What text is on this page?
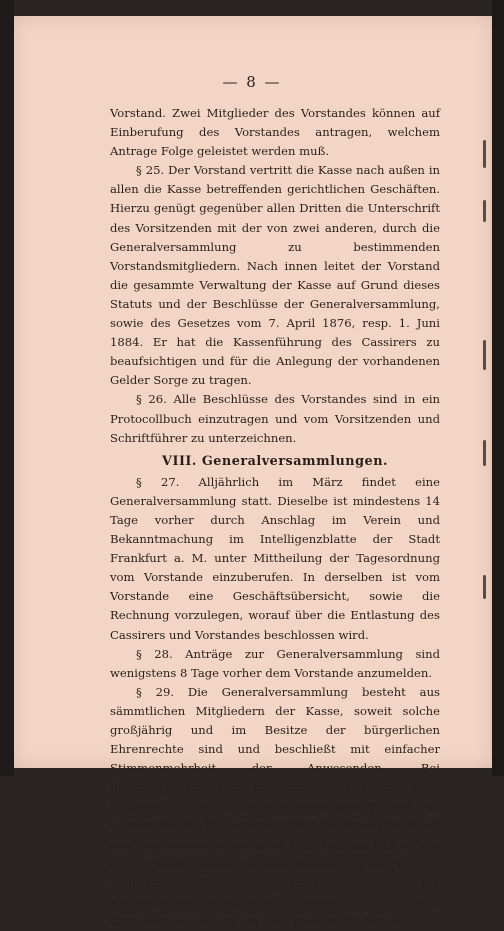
— 8 —

Vorstand. Zwei Mitglieder des Vorstandes können auf Einberufung des Vorstandes antragen, welchem Antrage Folge geleistet werden muß.

§ 25. Der Vorstand vertritt die Kasse nach außen in allen die Kasse betreffenden gerichtlichen Geschäften. Hierzu genügt gegenüber allen Dritten die Unterschrift des Vorsitzenden mit der von zwei anderen, durch die Generalversammlung zu bestimmenden Vorstandsmitgliedern. Nach innen leitet der Vorstand die gesammte Verwaltung der Kasse auf Grund dieses Statuts und der Beschlüsse der Generalversammlung, sowie des Gesetzes vom 7. April 1876, resp. 1. Juni 1884. Er hat die Kassenführung des Cassirers zu beaufsichtigen und für die Anlegung der vorhandenen Gelder Sorge zu tragen.

§ 26. Alle Beschlüsse des Vorstandes sind in ein Protocollbuch einzutragen und vom Vorsitzenden und Schriftführer zu unterzeichnen.

VIII. Generalversammlungen.

§ 27. Alljährlich im März findet eine Generalversammlung statt. Dieselbe ist mindestens 14 Tage vorher durch Anschlag im Verein und Bekanntmachung im Intelligenzblatte der Stadt Frankfurt a. M. unter Mittheilung der Tagesordnung vom Vorstande einzuberufen. In derselben ist vom Vorstande eine Geschäftsübersicht, sowie die Rechnung vorzulegen, worauf über die Entlastung des Cassirers und Vorstandes beschlossen wird.

§ 28. Anträge zur Generalversammlung sind wenigstens 8 Tage vorher dem Vorstande anzumelden.

§ 29. Die Generalversammlung besteht aus sämmtlichen Mitgliedern der Kasse, soweit solche großjährig und im Besitze der bürgerlichen Ehrenrechte sind und beschließt mit einfacher Stimmenmehrheit der Anwesenden. Bei Stimmengleichheit gilt der Antrag resp. Beschluß als abgelehnt; handelt es sich aber um Wahlen, so entscheidet bei Stimmengleichheit das durch die Hand des Vorsitzenden zu ziehende Loos darüber, wer auf die engere Wahl zu bringen, beziehungsweise wer bei der engeren Wahl gewählt ist. Die Kassenvorstandsmitglieder haben in der Generalversammlung nur eine berathende Stimme.
